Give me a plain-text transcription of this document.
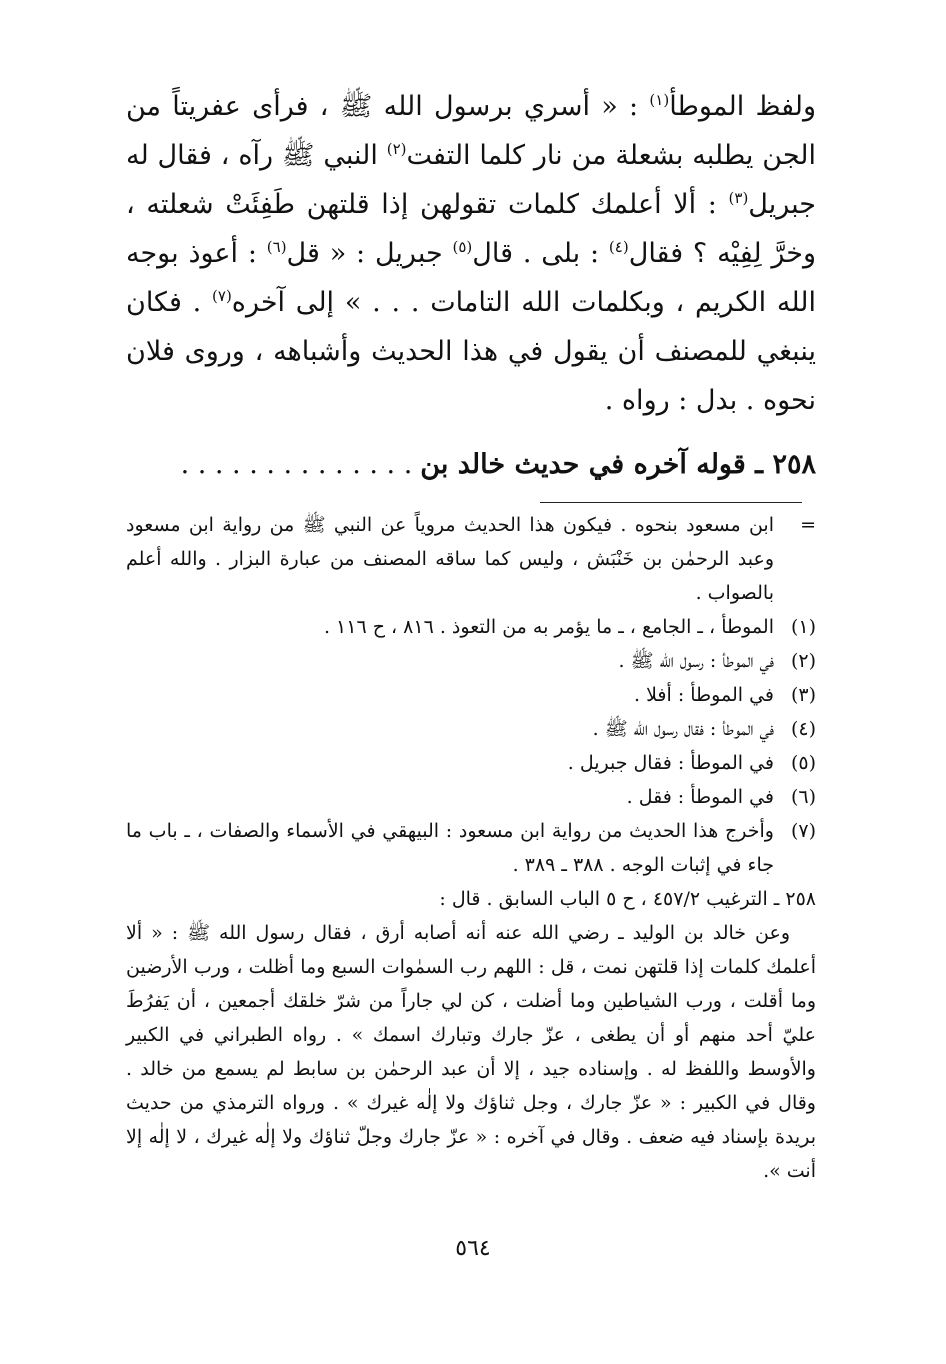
ولفظ الموطأ$^{(١)}$ : « أسري برسول الله ﷺ ، فرأى عفريتاً من الجن يطلبه بشعلة من نار كلما التفت$^{(٢)}$ النبي ﷺ رآه ، فقال له جبريل$^{(٣)}$ : ألا أعلمك كلمات تقولهن إذا قلتهن طَفِئَتْ شعلته ، وخرَّ لِفِيْه ؟ فقال$^{(٤)}$ : بلى . قال$^{(٥)}$ جبريل : « قل$^{(٦)}$ : أعوذ بوجه الله الكريم ، وبكلمات الله التامات . . . » إلى آخره$^{(٧)}$ . فكان ينبغي للمصنف أن يقول في هذا الحديث وأشباهه ، وروى فلان نحوه . بدل : رواه .

٢٥٨ ـ قوله آخره في حديث خالد بن. . . . . . . . . . . . . .
=
ابن مسعود بنحوه . فيكون هذا الحديث مروياً عن النبي ﷺ من رواية ابن مسعود وعبد الرحمٰن بن خَنْبَش ، وليس كما ساقه المصنف من عبارة البزار . والله أعلم بالصواب .
(١)
الموطأ ، ـ الجامع ، ـ ما يؤمر به من التعوذ . ٨١٦ ، ح ١١٦ .
(٢)
في الموطأ : رسول الله ﷺ .
(٣)
في الموطأ : أفلا .
(٤)
في الموطأ : فقال رسول الله ﷺ .
(٥)
في الموطأ : فقال جبريل .
(٦)
في الموطأ : فقل .
(٧)
وأخرج هذا الحديث من رواية ابن مسعود : البيهقي في الأسماء والصفات ، ـ باب ما جاء في إثبات الوجه . ٣٨٨ ـ ٣٨٩ .
٢٥٨ ـ الترغيب ٤٥٧/٢ ، ح ٥ الباب السابق . قال :
وعن خالد بن الوليد ـ رضي الله عنه أنه أصابه أرق ، فقال رسول الله ﷺ : « ألا أعلمك كلمات إذا قلتهن نمت ، قل : اللهم رب السمٰوات السبع وما أظلت ، ورب الأرضين وما أقلت ، ورب الشياطين وما أضلت ، كن لي جاراً من شرّ خلقك أجمعين ، أن يَفرُطَ عليّ أحد منهم أو أن يطغى ، عزّ جارك وتبارك اسمك » . رواه الطبراني في الكبير والأوسط واللفظ له . وإسناده جيد ، إلا أن عبد الرحمٰن بن سابط لم يسمع من خالد . وقال في الكبير : « عزّ جارك ، وجل ثناؤك ولا إلٰه غيرك » . ورواه الترمذي من حديث بريدة بإسناد فيه ضعف . وقال في آخره : « عزّ جارك وجلّ ثناؤك ولا إلٰه غيرك ، لا إلٰه إلا أنت ».
٥٦٤
